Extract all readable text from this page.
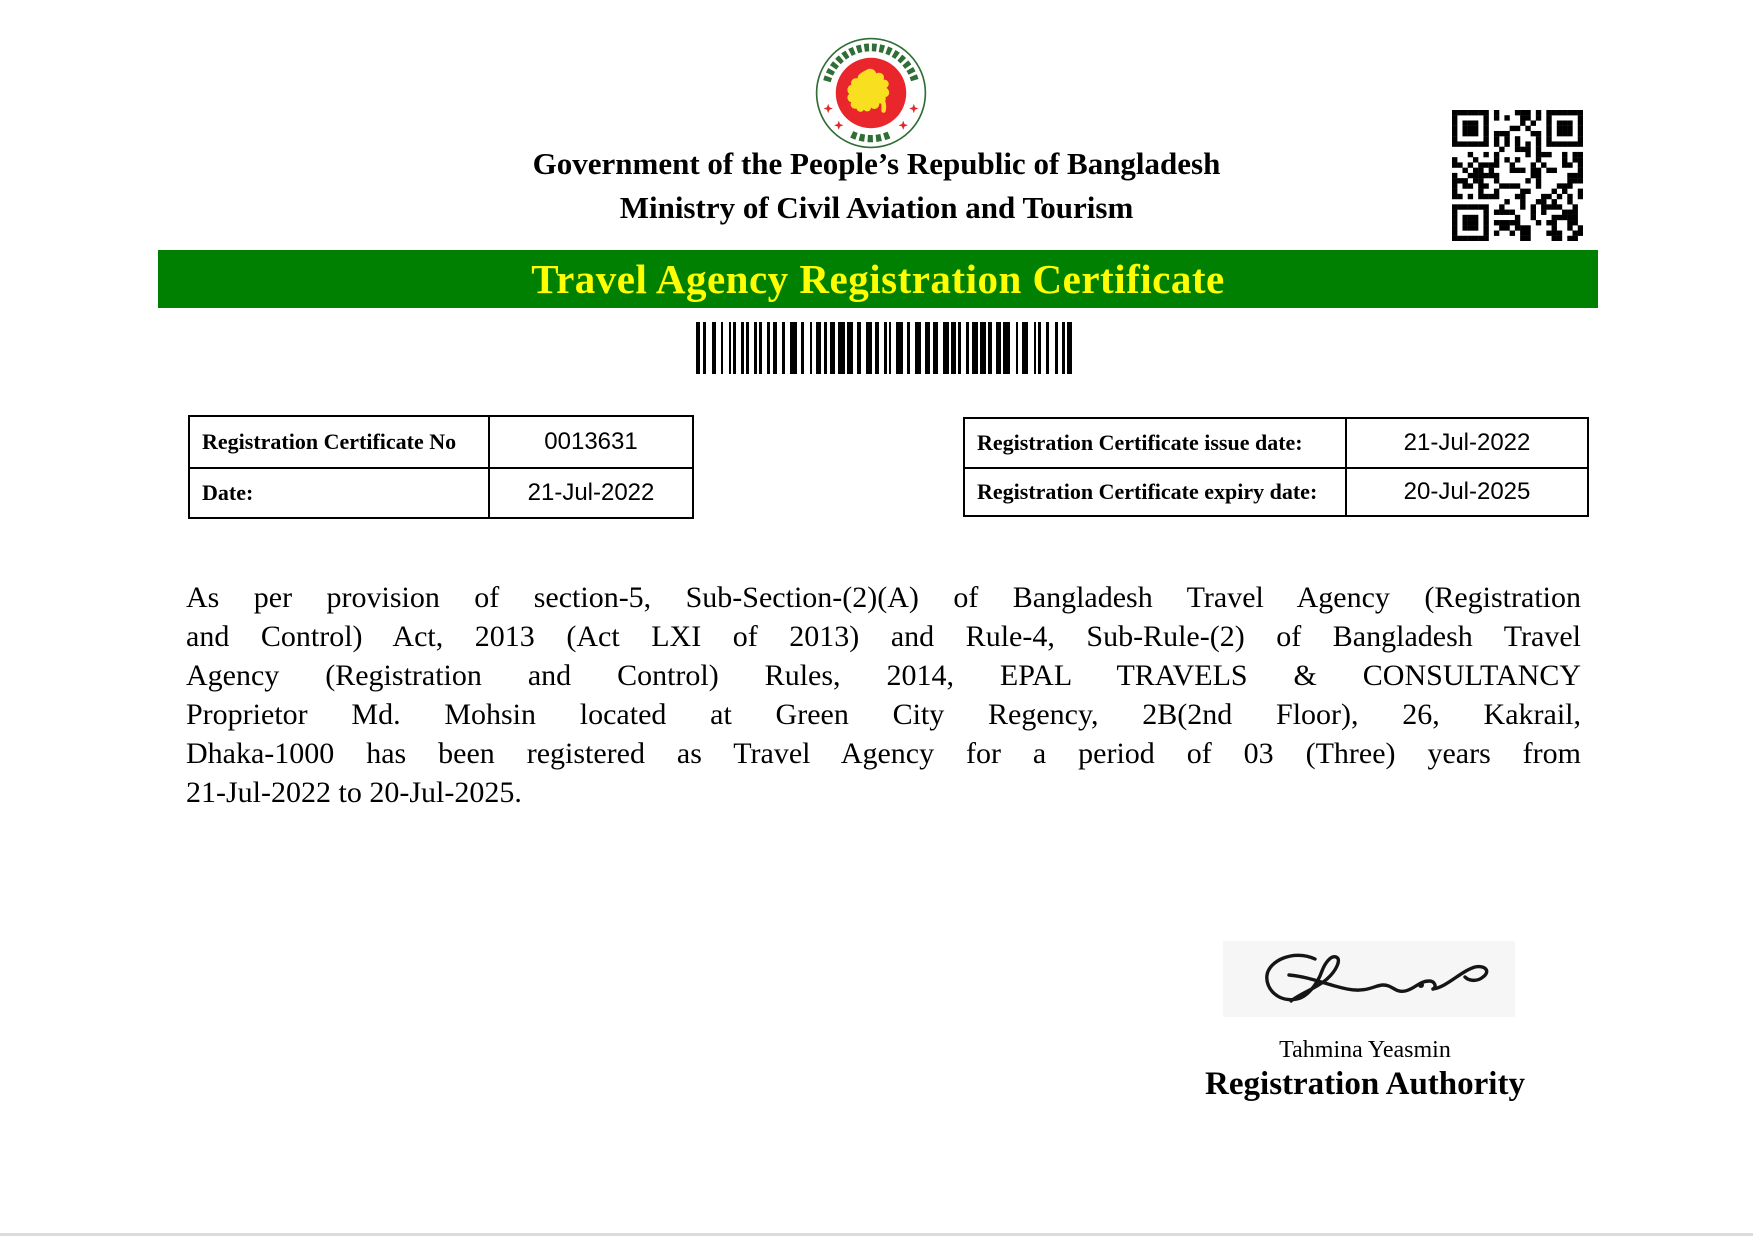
Government of the People’s Republic of Bangladesh
Ministry of Civil Aviation and Tourism
Travel Agency Registration Certificate
Registration Certificate No	0013631
Date:	21-Jul-2022
Registration Certificate issue date:	21-Jul-2022
Registration Certificate expiry date:	20-Jul-2025
As per provision of section-5, Sub-Section-(2)(A) of Bangladesh Travel Agency (Registration
and Control) Act, 2013 (Act LXI of 2013) and Rule-4, Sub-Rule-(2) of Bangladesh Travel
Agency (Registration and Control) Rules, 2014, EPAL TRAVELS & CONSULTANCY
Proprietor Md. Mohsin located at Green City Regency, 2B(2nd Floor), 26, Kakrail,
Dhaka-1000 has been registered as Travel Agency for a period of 03 (Three) years from
21-Jul-2022 to 20-Jul-2025.
Tahmina Yeasmin
Registration Authority
